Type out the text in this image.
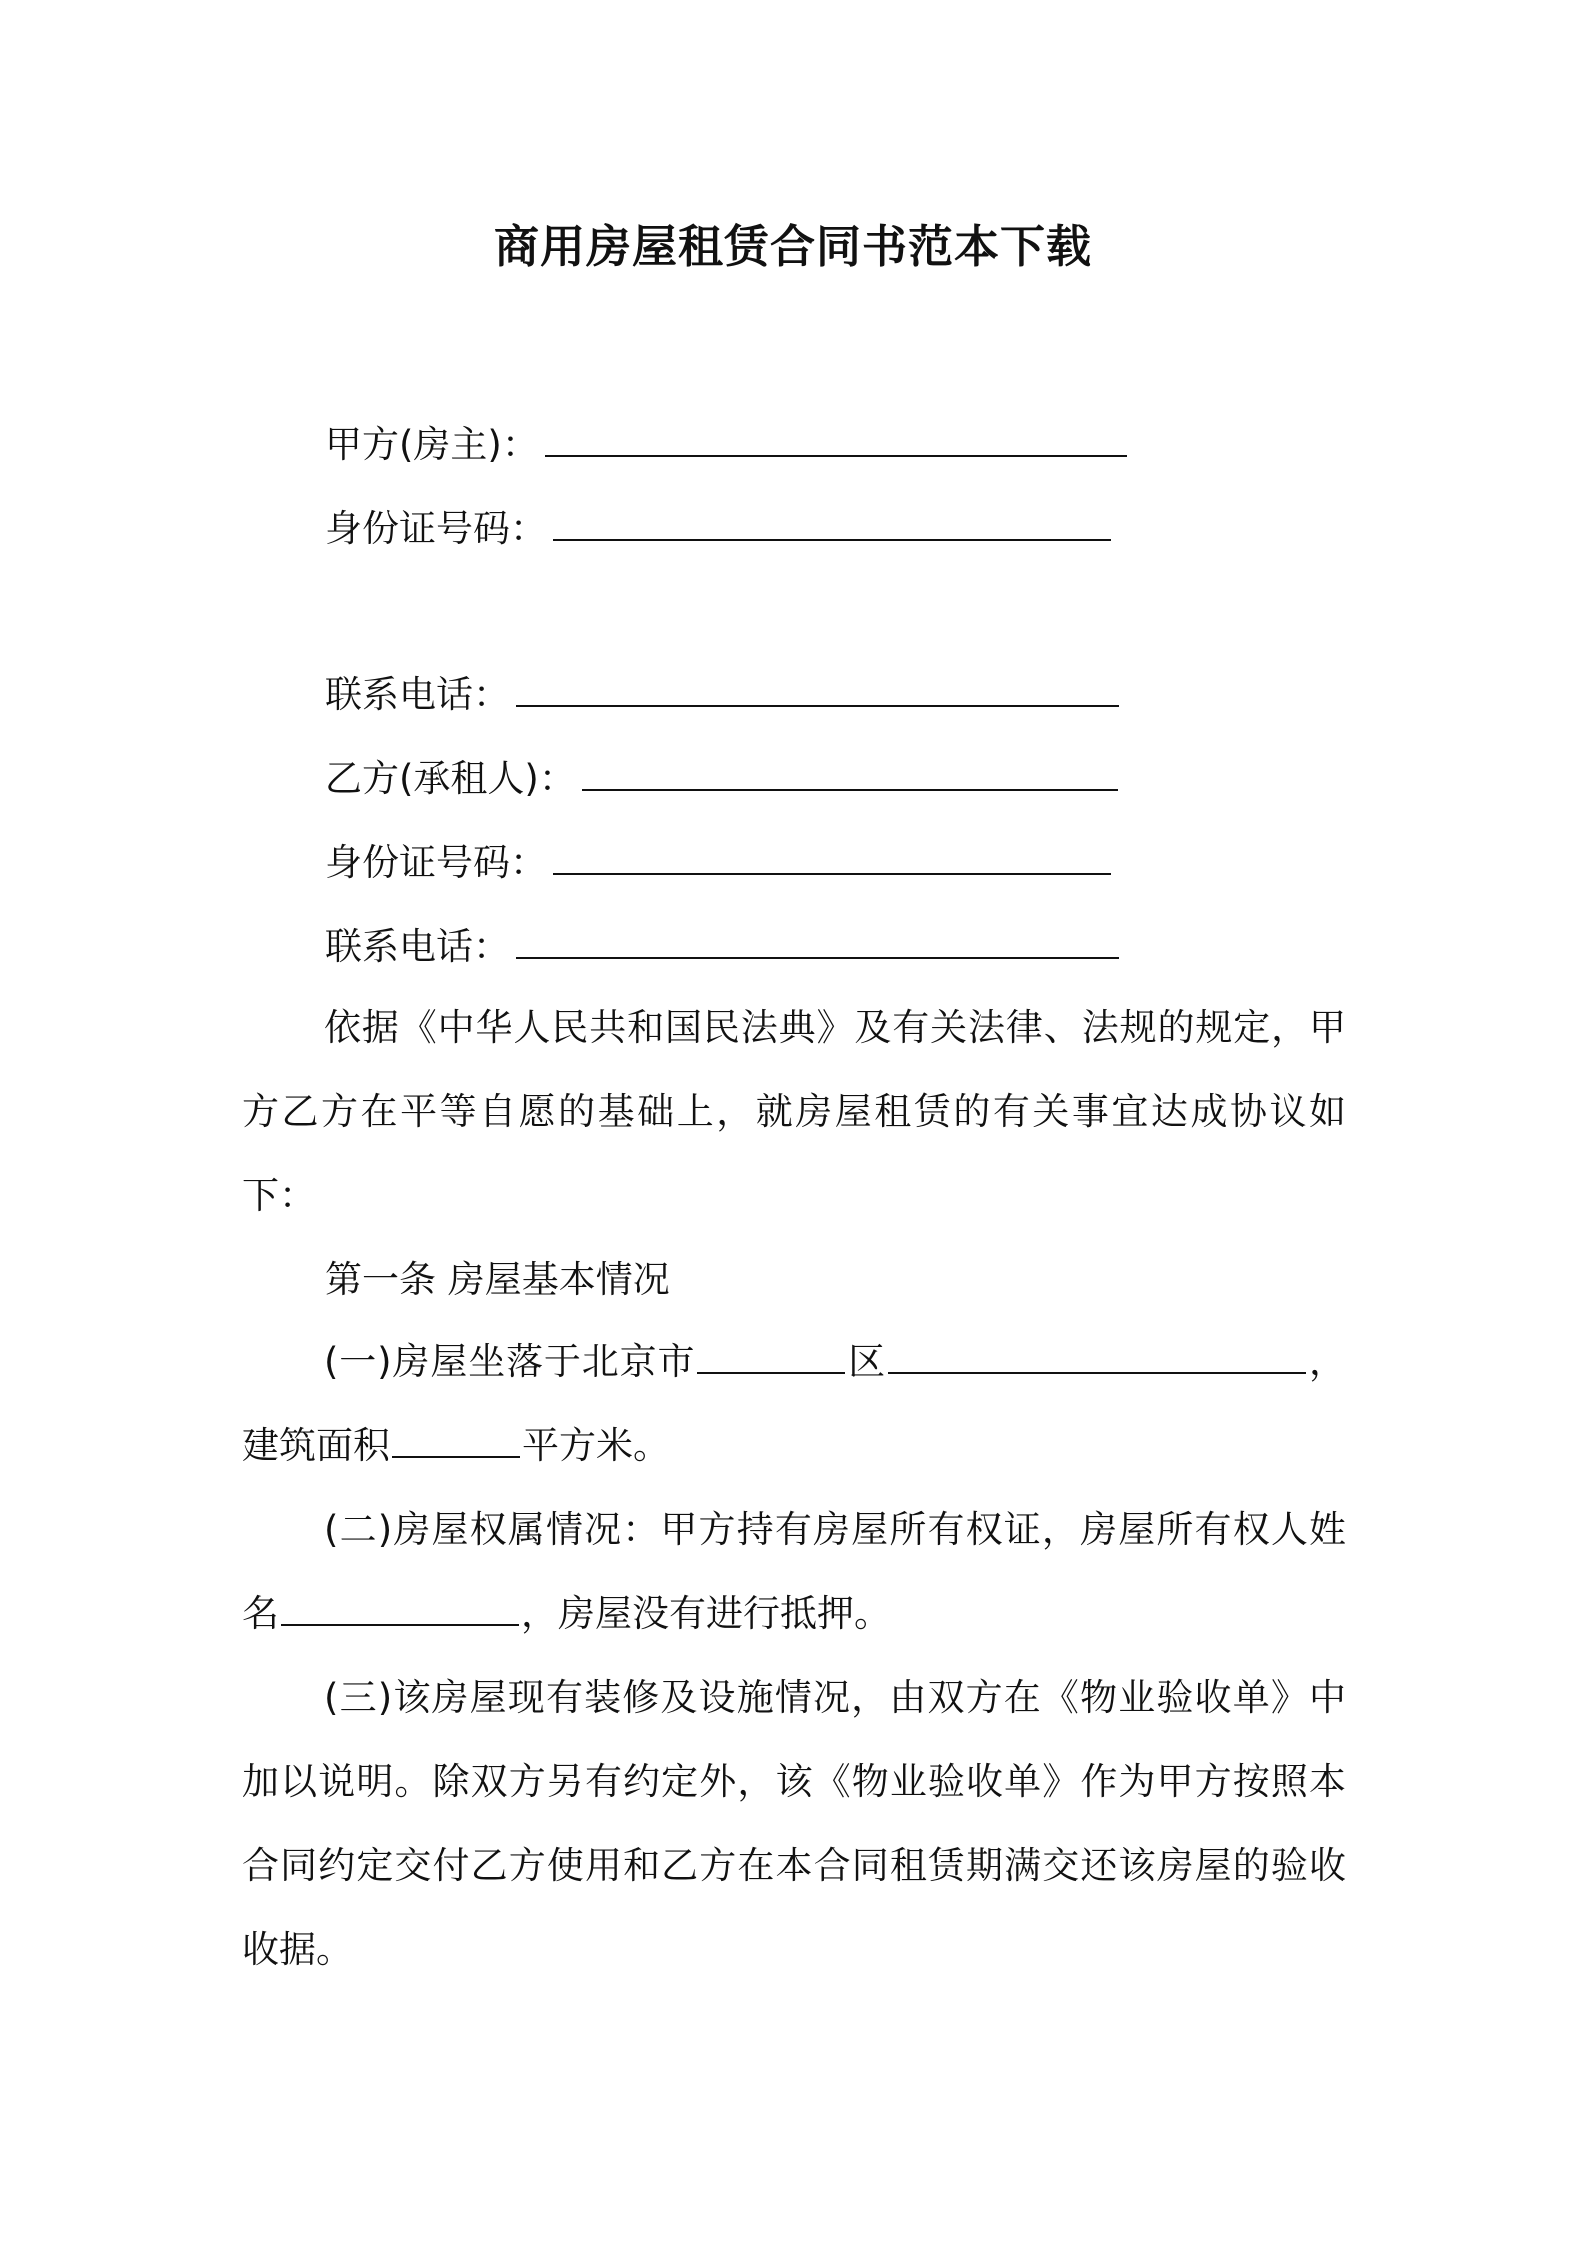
商用房屋租赁合同书范本下载
甲方(房主)：
身份证号码：
联系电话：
乙方(承租人)：
身份证号码：
联系电话：
依据《中华人民共和国民法典》及有关法律、法规的规定，甲方乙方在平等自愿的基础上，就房屋租赁的有关事宜达成协议如下：
第一条 房屋基本情况
(一)房屋坐落于北京市	区	，建筑面积	平方米。
(二)房屋权属情况：甲方持有房屋所有权证，房屋所有权人姓名	，房屋没有进行抵押。
(三)该房屋现有装修及设施情况，由双方在《物业验收单》中加以说明。除双方另有约定外，该《物业验收单》作为甲方按照本合同约定交付乙方使用和乙方在本合同租赁期满交还该房屋的验收收据。
